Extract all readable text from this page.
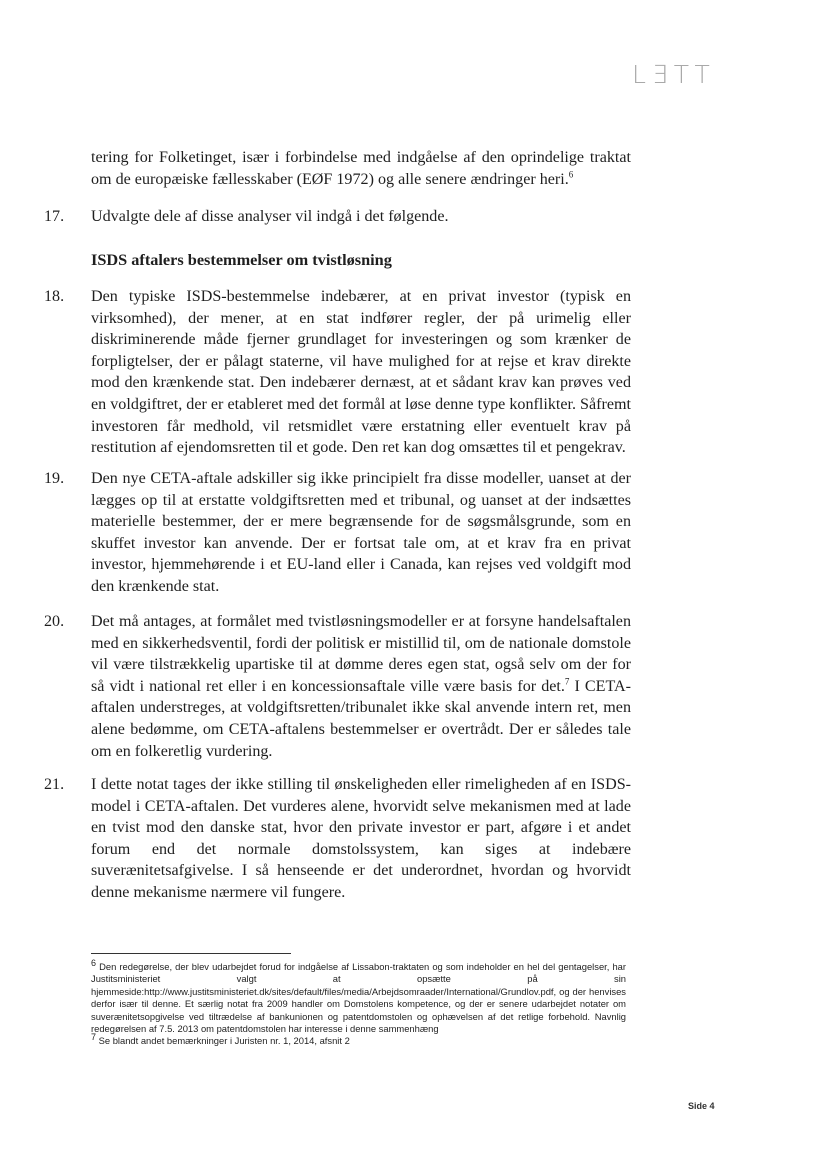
L∃TT

tering for Folketinget, især i forbindelse med indgåelse af den oprindelige traktat om de europæiske fællesskaber (EØF 1972) og alle senere ændringer heri.$^6$

17. Udvalgte dele af disse analyser vil indgå i det følgende.

ISDS aftalers bestemmelser om tvistløsning
18. Den typiske ISDS-bestemmelse indebærer, at en privat investor (typisk en virksomhed), der mener, at en stat indfører regler, der på urimelig eller diskriminerende måde fjerner grundlaget for investeringen og som krænker de forpligtelser, der er pålagt staterne, vil have mulighed for at rejse et krav direkte mod den krænkende stat. Den indebærer dernæst, at et sådant krav kan prøves ved en voldgiftret, der er etableret med det formål at løse denne type konflikter. Såfremt investoren får medhold, vil retsmidlet være erstatning eller eventuelt krav på restitution af ejendomsretten til et gode. Den ret kan dog omsættes til et pengekrav.

19. Den nye CETA-aftale adskiller sig ikke principielt fra disse modeller, uanset at der lægges op til at erstatte voldgiftsretten med et tribunal, og uanset at der indsættes materielle bestemmer, der er mere begrænsende for de søgsmålsgrunde, som en skuffet investor kan anvende. Der er fortsat tale om, at et krav fra en privat investor, hjemmehørende i et EU-land eller i Canada, kan rejses ved voldgift mod den krænkende stat.

20. Det må antages, at formålet med tvistløsningsmodeller er at forsyne handelsaftalen med en sikkerhedsventil, fordi der politisk er mistillid til, om de nationale domstole vil være tilstrækkelig upartiske til at dømme deres egen stat, også selv om der for så vidt i national ret eller i en koncessionsaftale ville være basis for det.$^7$ I CETA-aftalen understreges, at voldgiftsretten/tribunalet ikke skal anvende intern ret, men alene bedømme, om CETA-aftalens bestemmelser er overtrådt. Der er således tale om en folkeretlig vurdering.

21. I dette notat tages der ikke stilling til ønskeligheden eller rimeligheden af en ISDS-model i CETA-aftalen. Det vurderes alene, hvorvidt selve mekanismen med at lade en tvist mod den danske stat, hvor den private investor er part, afgøre i et andet forum end det normale domstolssystem, kan siges at indebære suverænitetsafgivelse. I så henseende er det underordnet, hvordan og hvorvidt denne mekanisme nærmere vil fungere.

$^6$ Den redegørelse, der blev udarbejdet forud for indgåelse af Lissabon-traktaten og som indeholder en hel del gentagelser, har Justitsministeriet valgt at opsætte på sin hjemmeside:http://www.justitsministeriet.dk/sites/default/files/media/Arbejdsomraader/International/Grundlov.pdf, og der henvises derfor især til denne. Et særlig notat fra 2009 handler om Domstolens kompetence, og der er senere udarbejdet notater om suverænitetsopgivelse ved tiltrædelse af bankunionen og patentdomstolen og ophævelsen af det retlige forbehold. Navnlig redegørelsen af 7.5. 2013 om patentdomstolen har interesse i denne sammenhæng

$^7$ Se blandt andet bemærkninger i Juristen nr. 1, 2014, afsnit 2

Side 4
